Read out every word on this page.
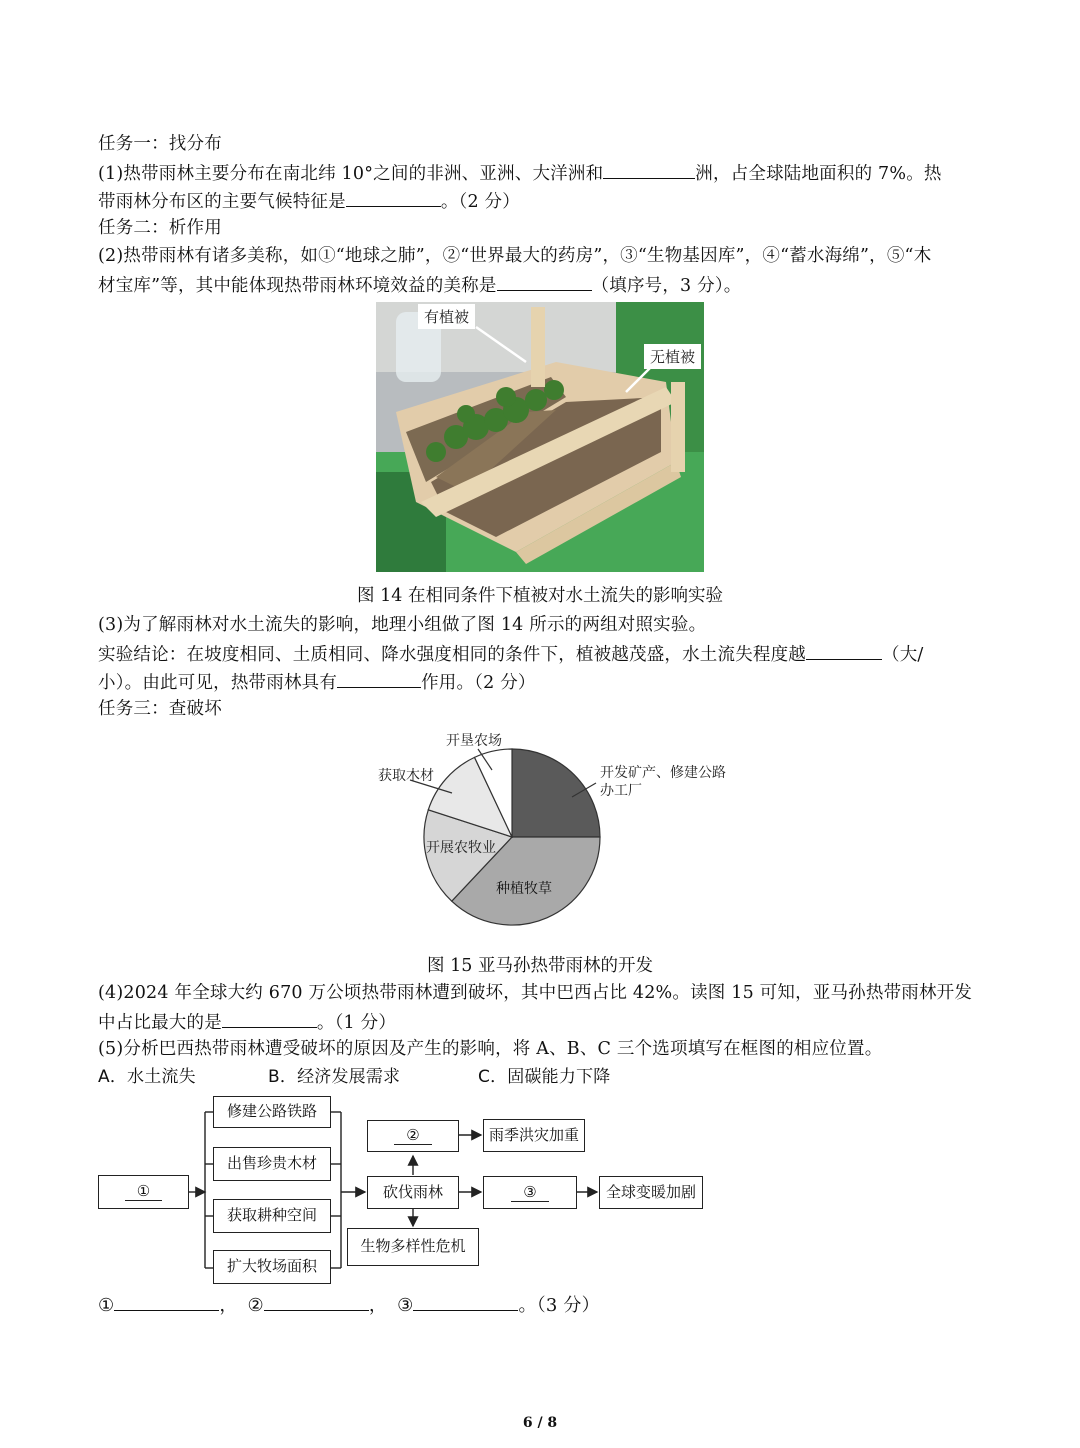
任务一：找分布
(1)热带雨林主要分布在南北纬 10°之间的非洲、亚洲、大洋洲和	洲，占全球陆地面积的 7%。热
带雨林分布区的主要气候特征是	。（2 分）
任务二：析作用
(2)热带雨林有诸多美称，如①“地球之肺”，②“世界最大的药房”，③“生物基因库”，④“蓄水海绵”，⑤“木
材宝库”等，其中能体现热带雨林环境效益的美称是	（填序号，3 分）。
有植被
无植被
图 14 在相同条件下植被对水土流失的影响实验
(3)为了解雨林对水土流失的影响，地理小组做了图 14 所示的两组对照实验。
实验结论：在坡度相同、土质相同、降水强度相同的条件下，植被越茂盛，水土流失程度越	（大/
小）。由此可见，热带雨林具有	作用。（2 分）
任务三：查破坏
开发矿产、修建公路
办工厂
种植牧草
开展农牧业
获取木材
开垦农场
图 15 亚马孙热带雨林的开发
(4)2024 年全球大约 670 万公顷热带雨林遭到破坏，其中巴西占比 42%。读图 15 可知，亚马孙热带雨林开发
中占比最大的是	。（1 分）
(5)分析巴西热带雨林遭受破坏的原因及产生的影响，将 A、B、C 三个选项填写在框图的相应位置。
A．水土流失	B．经济发展需求	C．固碳能力下降
①
修建公路铁路
出售珍贵木材
获取耕种空间
扩大牧场面积
砍伐雨林
②	雨季洪灾加重
③	全球变暖加剧
生物多样性危机
①	， ②	， ③	。（3 分）
6 / 8
